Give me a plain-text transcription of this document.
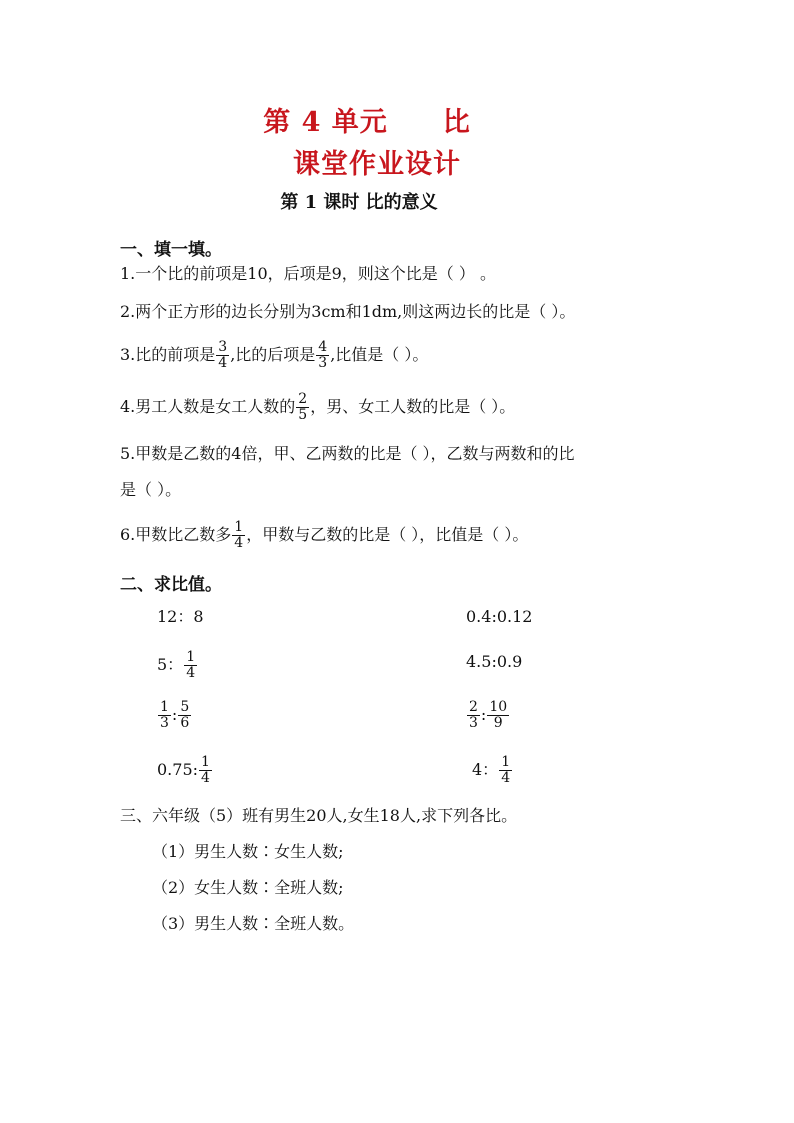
第 4 单元 比
课堂作业设计
第 1 课时 比的意义
一、填一填。
1.一个比的前项是10，后项是9，则这个比是（ ） 。
2.两个正方形的边长分别为3cm和1dm,则这两边长的比是（ ）。
3.比的前项是 $\frac{3}{4}$ ,比的后项是 $\frac{4}{3}$ ,比值是（ ）。
4.男工人数是女工人数的 $\frac{2}{5}$ ，男、女工人数的比是（ ）。
5.甲数是乙数的4倍，甲、乙两数的比是（ ），乙数与两数和的比
是（ ）。
6.甲数比乙数多 $\frac{1}{4}$ ，甲数与乙数的比是（ ），比值是（ ）。
二、求比值。
12：8	0.4:0.12
5： $\frac{1}{4}$	4.5:0.9
$\frac{1}{3}$ : $\frac{5}{6}$	$\frac{2}{3}$ : $\frac{10}{9}$
0.75: $\frac{1}{4}$	4： $\frac{1}{4}$
三、六年级（5）班有男生20人,女生18人,求下列各比。
（1）男生人数∶女生人数;
（2）女生人数∶全班人数;
（3）男生人数∶全班人数。
